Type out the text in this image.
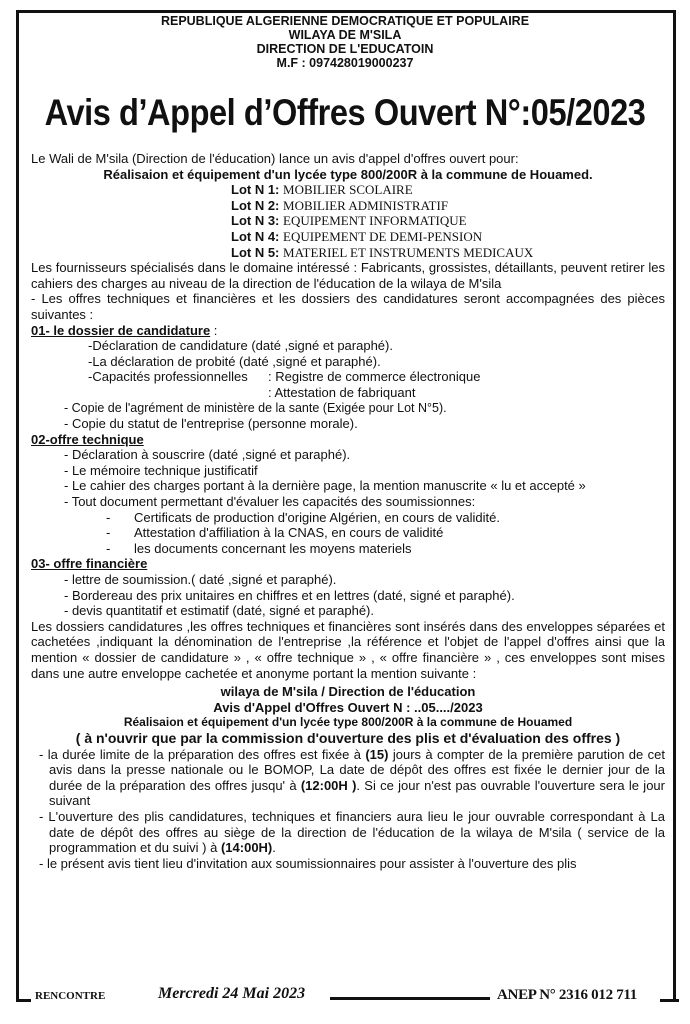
REPUBLIQUE ALGERIENNE DEMOCRATIQUE ET POPULAIRE
WILAYA DE M'SILA
DIRECTION DE L'EDUCATOIN
M.F : 097428019000237
Avis d’Appel d’Offres Ouvert N°:05/2023

Le Wali de M'sila (Direction de l'éducation) lance un avis d'appel d'offres ouvert pour:

Réalisaion et équipement d'un lycée type 800/200R à la commune de Houamed.

Lot N 1: MOBILIER SCOLAIRE

Lot N 2: MOBILIER ADMINISTRATIF

Lot N 3: EQUIPEMENT INFORMATIQUE

Lot N 4: EQUIPEMENT DE DEMI-PENSION

Lot N 5: MATERIEL ET INSTRUMENTS MEDICAUX

Les fournisseurs spécialisés dans le domaine intéressé : Fabricants, grossistes, détaillants, peuvent retirer les cahiers des charges au niveau de la direction de l'éducation de la wilaya de M'sila

- Les offres techniques et financières et les dossiers des candidatures seront accompagnées des pièces suivantes :

01- le dossier de candidature :

-Déclaration de candidature (daté ,signé et paraphé).

-La déclaration de probité (daté ,signé et paraphé).

-Capacités professionnelles	: Registre de commerce électronique
: Attestation de fabriquant

- Copie de l'agrément de ministère de la sante (Exigée pour Lot N°5).

- Copie du statut de l'entreprise (personne morale).

02-offre technique

- Déclaration à souscrire (daté ,signé et paraphé).

- Le mémoire technique justificatif

- Le cahier des charges portant à la dernière page, la mention manuscrite « lu et accepté »

- Tout document permettant d'évaluer les capacités des soumissionnes:

- Certificats de production d'origine Algérien, en cours de validité.

- Attestation d'affiliation à la CNAS, en cours de validité

- les documents concernant les moyens materiels

03- offre financière

- lettre de soumission.( daté ,signé et paraphé).

- Bordereau des prix unitaires en chiffres et en lettres (daté, signé et paraphé).

- devis quantitatif et estimatif (daté, signé et paraphé).

Les dossiers candidatures ,les offres techniques et financières sont insérés dans des enveloppes séparées et cachetées ,indiquant la dénomination de l'entreprise ,la référence et l'objet de l'appel d'offres ainsi que la mention « dossier de candidature » , « offre technique » , « offre financière » , ces enveloppes sont mises dans une autre enveloppe cachetée et anonyme portant la mention suivante :

wilaya de M'sila / Direction de l'éducation

Avis d'Appel d'Offres Ouvert N : ..05..../2023

Réalisaion et équipement d'un lycée type 800/200R à la commune de Houamed

( à n'ouvrir que par la commission d'ouverture des plis et d'évaluation des offres )

- la durée limite de la préparation des offres est fixée à (15) jours à compter de la première parution de cet avis dans la presse nationale ou le BOMOP, La date de dépôt des offres est fixée le dernier jour de la durée de la préparation des offres jusqu' à (12:00H ). Si ce jour n'est pas ouvrable l'ouverture sera le jour suivant

- L'ouverture des plis candidatures, techniques et financiers aura lieu le jour ouvrable correspondant à La date de dépôt des offres au siège de la direction de l'éducation de la wilaya de M'sila ( service de la programmation et du suivi ) à (14:00H).

- le présent avis tient lieu d'invitation aux soumissionnaires pour assister à l'ouverture des plis

RENCONTRE	Mercredi 24 Mai 2023	ANEP N° 2316 012 711
